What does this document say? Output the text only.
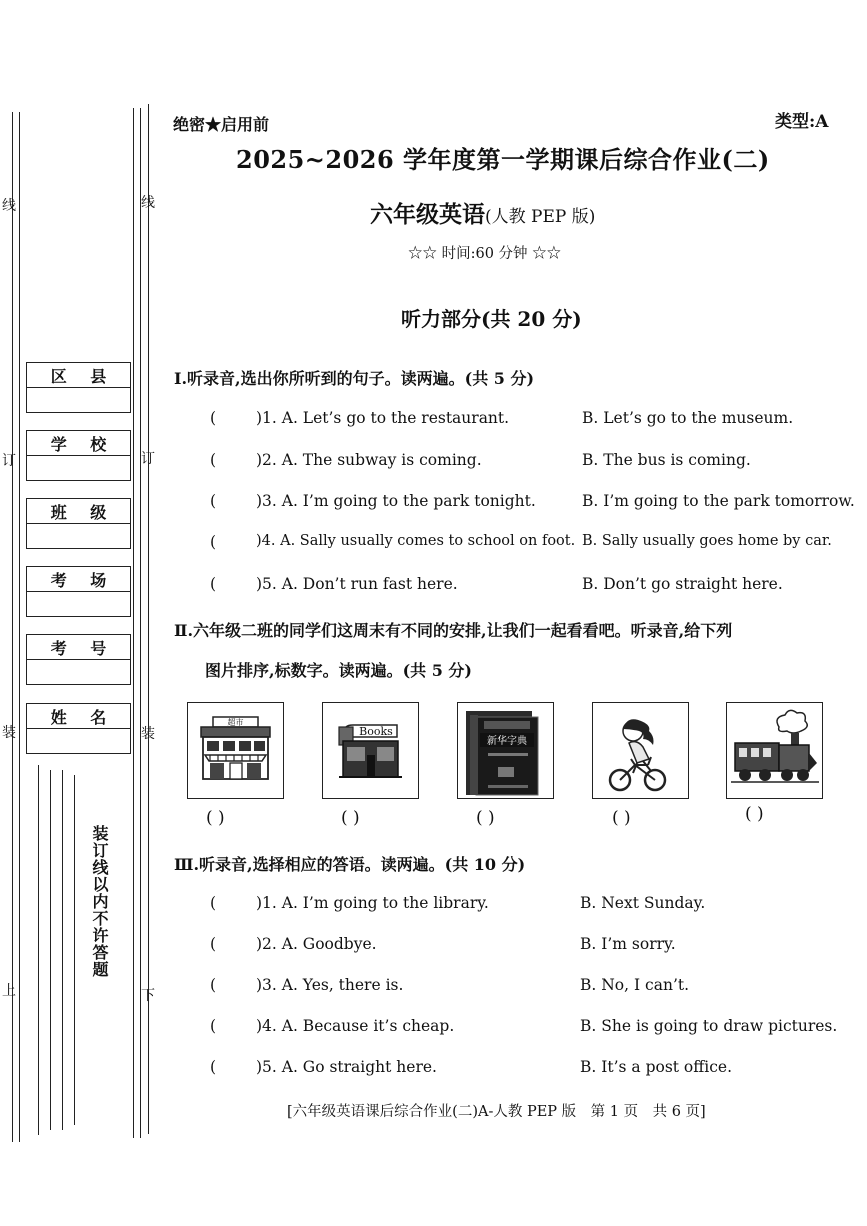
线
订
装
上
线
订
装
下
区 县
学 校
班 级
考 场
考 号
姓 名
装订线以内不许答题
绝密★启用前	类型:A
2025~2026 学年度第一学期课后综合作业(二)
六年级英语(人教 PEP 版)
☆☆ 时间:60 分钟 ☆☆
听力部分(共 20 分)
Ⅰ.听录音,选出你所听到的句子。读两遍。(共 5 分)
(	)1. A. Let’s go to the restaurant.	B. Let’s go to the museum.
(	)2. A. The subway is coming.	B. The bus is coming.
(	)3. A. I’m going to the park tonight.	B. I’m going to the park tomorrow.
(	)4. A. Sally usually comes to school on foot. B. Sally usually goes home by car.
(	)5. A. Don’t run fast here.	B. Don’t go straight here.
Ⅱ.六年级二班的同学们这周末有不同的安排,让我们一起看看吧。听录音,给下列
图片排序,标数字。读两遍。(共 5 分)
超市
Books
新华字典
( )	( )	( )	( )	( )
Ⅲ.听录音,选择相应的答语。读两遍。(共 10 分)
(	)1. A. I’m going to the library.	B. Next Sunday.
(	)2. A. Goodbye.	B. I’m sorry.
(	)3. A. Yes, there is.	B. No, I can’t.
(	)4. A. Because it’s cheap.	B. She is going to draw pictures.
(	)5. A. Go straight here.	B. It’s a post office.
[六年级英语课后综合作业(二)A-人教 PEP 版　第 1 页　共 6 页]
